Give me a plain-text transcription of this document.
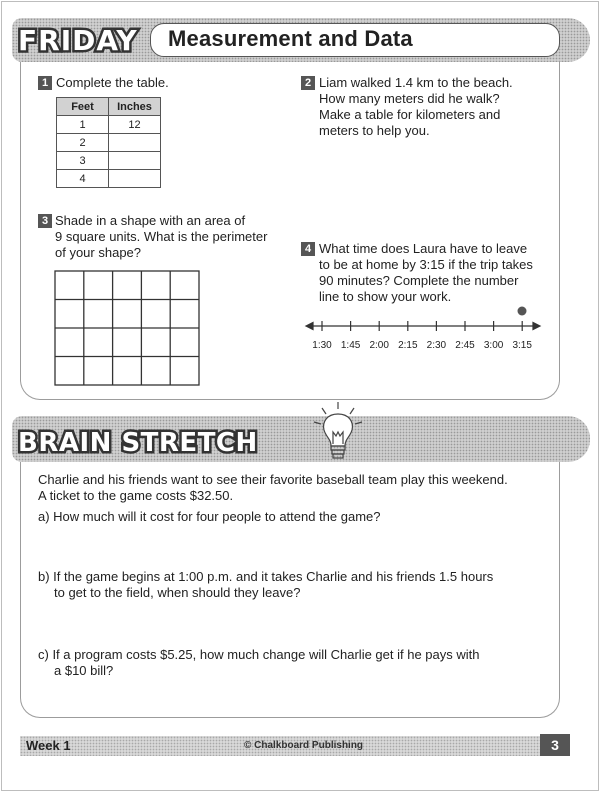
Measurement and Data
FRIDAY
1 Complete the table.
Feet	Inches
1	12
2	
3	
4	
2 Liam walked 1.4 km to the beach.
How many meters did he walk?
Make a table for kilometers and
meters to help you.
3 Shade in a shape with an area of
9 square units. What is the perimeter
of your shape?	4 What time does Laura have to leave
to be at home by 3:15 if the trip takes
90 minutes? Complete the number
line to show your work.
1:30 1:45 2:00 2:15 2:30 2:45 3:00 3:15
BRAIN STRETCH
Charlie and his friends want to see their favorite baseball team play this weekend.
A ticket to the game costs $32.50.
a) How much will it cost for four people to attend the game?
b) If the game begins at 1:00 p.m. and it takes Charlie and his friends 1.5 hours
to get to the field, when should they leave?
c) If a program costs $5.25, how much change will Charlie get if he pays with
a $10 bill?
Week 1	© Chalkboard Publishing	3
